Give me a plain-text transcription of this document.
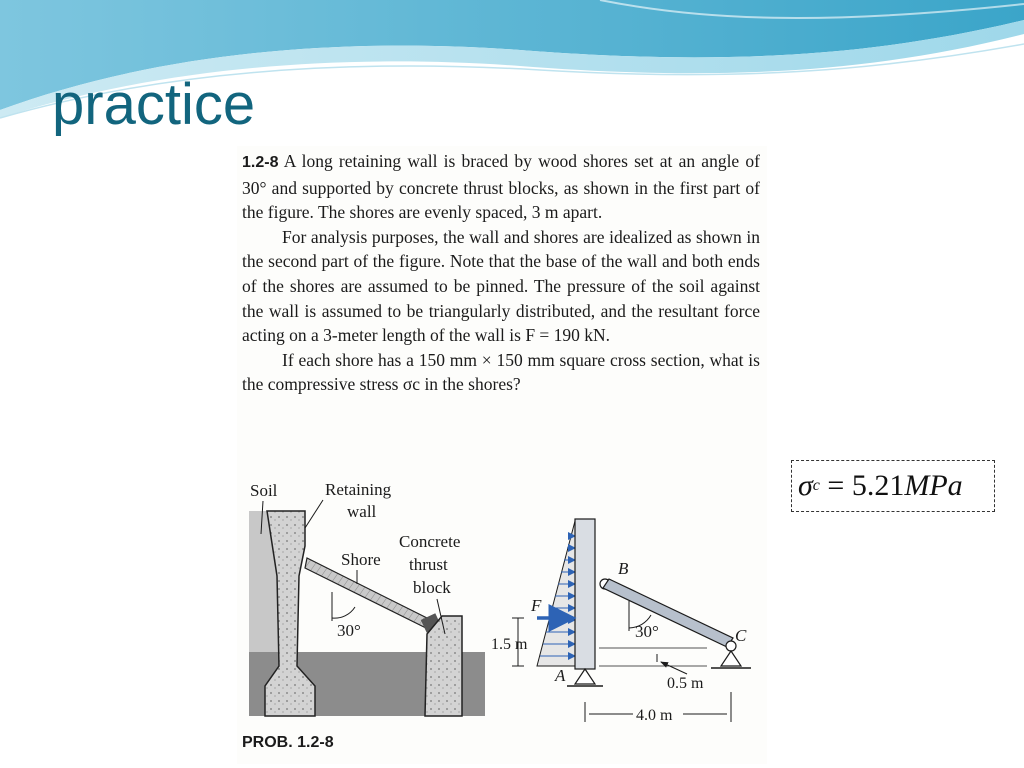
practice

1.2-8 A long retaining wall is braced by wood shores set at an angle of 30° and supported by concrete thrust blocks, as shown in the first part of the figure. The shores are evenly spaced, 3 m apart.

For analysis purposes, the wall and shores are idealized as shown in the second part of the figure. Note that the base of the wall and both ends of the shores are assumed to be pinned. The pressure of the soil against the wall is assumed to be triangularly distributed, and the resultant force acting on a 3-meter length of the wall is F = 190 kN.

If each shore has a 150 mm × 150 mm square cross section, what is the compressive stress σc in the shores?

Soil	Retaining
wall
Shore
Concrete
thrust
block
30°
F
A
B
C
30°
1.5 m
0.5 m
4.0 m
PROB. 1.2-8
σ c = 5.21 MPa
